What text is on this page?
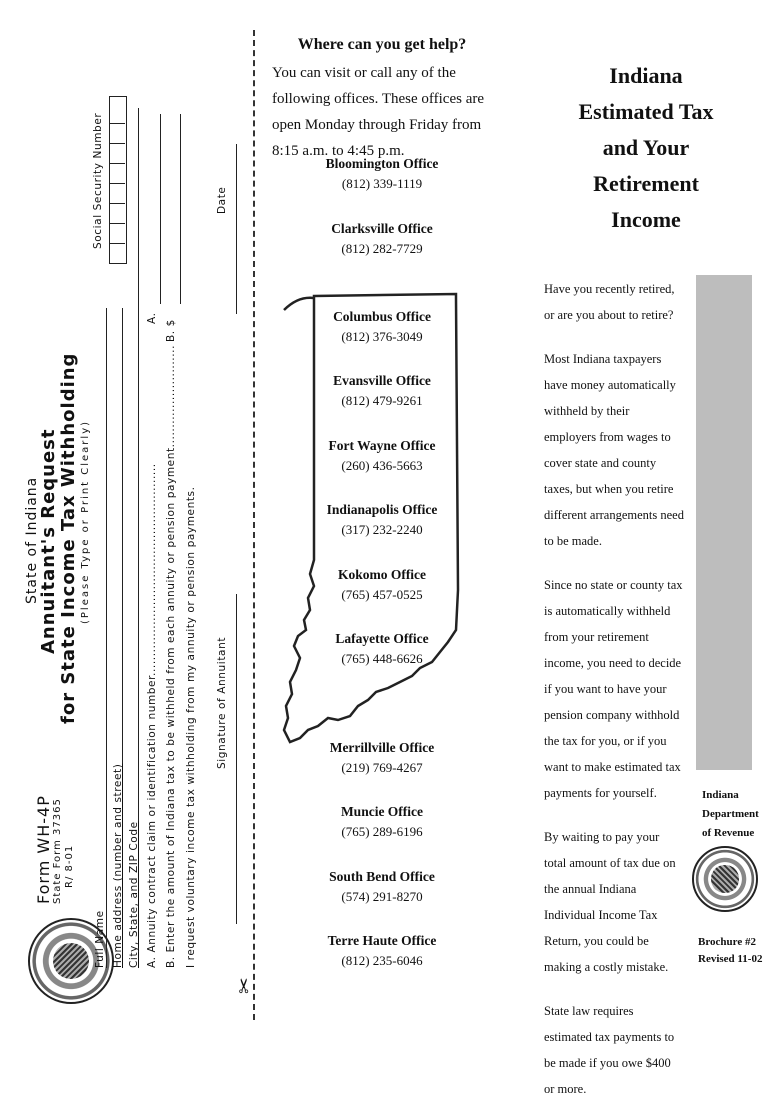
Form WH-4P State Form 37365 R/ 8-01
State of Indiana
Annuitant's Request for State Income Tax Withholding (Please Type or Print Clearly)
Social Security Number
Full Name Home address (number and street) City, State, and ZIP Code A. Annuity contract claim or identification number......................................................
A.
B. Enter the amount of Indiana tax to be withheld from each annuity or pension payment..........................
B. $
I request voluntary income tax withholding from my annuity or pension payments. Signature of Annuitant
Date
✂
Where can you get help?
You can visit or call any of the following offices. These offices are open Monday through Friday from 8:15 a.m. to 4:45 p.m.
Bloomington Office
(812) 339-1119
Clarksville Office
(812) 282-7729
Columbus Office
(812) 376-3049
Evansville Office
(812) 479-9261
Fort Wayne Office
(260) 436-5663
Indianapolis Office
(317) 232-2240
Kokomo Office
(765) 457-0525
Lafayette Office
(765) 448-6626
Merrillville Office
(219) 769-4267
Muncie Office
(765) 289-6196
South Bend Office
(574) 291-8270
Terre Haute Office
(812) 235-6046
Indiana
Estimated Tax
and Your Retirement
Income

Have you recently retired, or are you about to retire?

Most Indiana taxpayers have money automatically withheld by their employers from wages to cover state and county taxes, but when you retire different arrangements need to be made.

Since no state or county tax is automatically withheld from your retirement income, you need to decide if you want to have your pension company withhold the tax for you, or if you want to make estimated tax payments for yourself.

By waiting to pay your total amount of tax due on the annual Indiana Individual Income Tax Return, you could be making a costly mistake.

State law requires estimated tax payments to be made if you owe $400 or more.

Indiana
Department
of Revenue
Brochure #2
Revised 11-02
